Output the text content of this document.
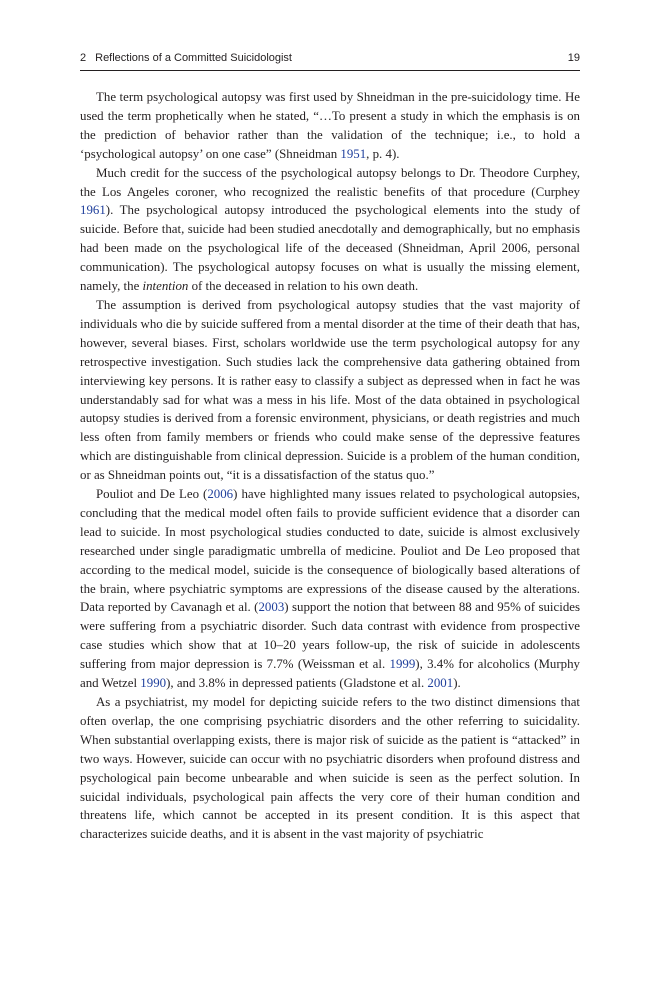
2 Reflections of a Committed Suicidologist	19

The term psychological autopsy was first used by Shneidman in the pre-suicidology time. He used the term prophetically when he stated, “…To present a study in which the emphasis is on the prediction of behavior rather than the validation of the technique; i.e., to hold a ‘psychological autopsy’ on one case” (Shneidman 1951, p. 4).

Much credit for the success of the psychological autopsy belongs to Dr. Theodore Curphey, the Los Angeles coroner, who recognized the realistic benefits of that procedure (Curphey 1961). The psychological autopsy introduced the psychological elements into the study of suicide. Before that, suicide had been studied anecdotally and demographically, but no emphasis had been made on the psychological life of the deceased (Shneidman, April 2006, personal communication). The psychological autopsy focuses on what is usually the missing element, namely, the intention of the deceased in relation to his own death.

The assumption is derived from psychological autopsy studies that the vast majority of individuals who die by suicide suffered from a mental disorder at the time of their death that has, however, several biases. First, scholars worldwide use the term psychological autopsy for any retrospective investigation. Such studies lack the comprehensive data gathering obtained from interviewing key persons. It is rather easy to classify a subject as depressed when in fact he was understandably sad for what was a mess in his life. Most of the data obtained in psychological autopsy studies is derived from a forensic environment, physicians, or death registries and much less often from family members or friends who could make sense of the depressive features which are distinguishable from clinical depression. Suicide is a problem of the human condition, or as Shneidman points out, “it is a dissatisfaction of the status quo.”

Pouliot and De Leo (2006) have highlighted many issues related to psychological autopsies, concluding that the medical model often fails to provide sufficient evidence that a disorder can lead to suicide. In most psychological studies conducted to date, suicide is almost exclusively researched under single paradigmatic umbrella of medicine. Pouliot and De Leo proposed that according to the medical model, suicide is the consequence of biologically based alterations of the brain, where psychiatric symptoms are expressions of the disease caused by the alterations. Data reported by Cavanagh et al. (2003) support the notion that between 88 and 95% of suicides were suffering from a psychiatric disorder. Such data contrast with evidence from prospective case studies which show that at 10–20 years follow-up, the risk of suicide in adolescents suffering from major depression is 7.7% (Weissman et al. 1999), 3.4% for alcoholics (Murphy and Wetzel 1990), and 3.8% in depressed patients (Gladstone et al. 2001).

As a psychiatrist, my model for depicting suicide refers to the two distinct dimensions that often overlap, the one comprising psychiatric disorders and the other referring to suicidality. When substantial overlapping exists, there is major risk of suicide as the patient is “attacked” in two ways. However, suicide can occur with no psychiatric disorders when profound distress and psychological pain become unbearable and when suicide is seen as the perfect solution. In suicidal individuals, psychological pain affects the very core of their human condition and threatens life, which cannot be accepted in its present condition. It is this aspect that characterizes suicide deaths, and it is absent in the vast majority of psychiatric
